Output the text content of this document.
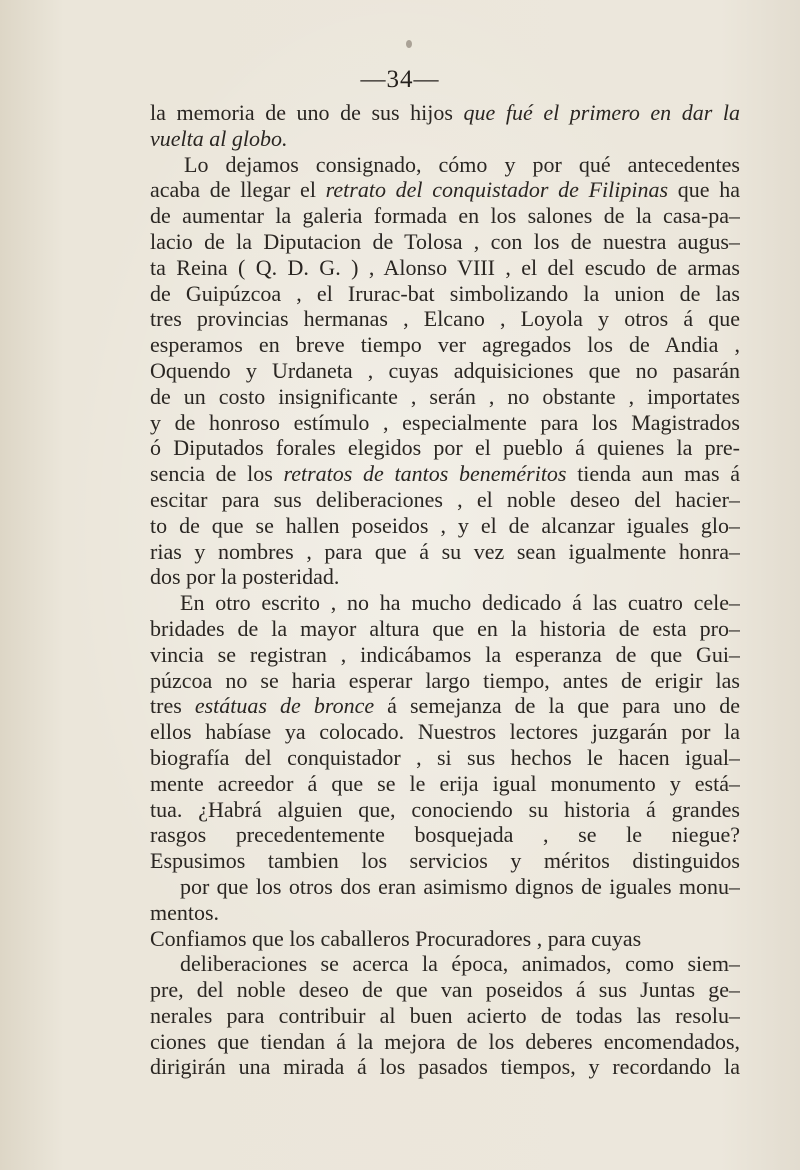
—34—
la memoria de uno de sus hijos que fué el primero en dar la
vuelta al globo.
Lo dejamos consignado, cómo y por qué antecedentes
acaba de llegar el retrato del conquistador de Filipinas que ha
de aumentar la galeria formada en los salones de la casa-pa–
lacio de la Diputacion de Tolosa , con los de nuestra augus–
ta Reina ( Q. D. G. ) , Alonso VIII , el del escudo de armas
de Guipúzcoa , el Irurac-bat simbolizando la union de las
tres provincias hermanas , Elcano , Loyola y otros á que
esperamos en breve tiempo ver agregados los de Andia ,
Oquendo y Urdaneta , cuyas adquisiciones que no pasarán
de un costo insignificante , serán , no obstante , importates
y de honroso estímulo , especialmente para los Magistrados
ó Diputados forales elegidos por el pueblo á quienes la pre-
sencia de los retratos de tantos beneméritos tienda aun mas á
escitar para sus deliberaciones , el noble deseo del hacier–
to de que se hallen poseidos , y el de alcanzar iguales glo–
rias y nombres , para que á su vez sean igualmente honra–
dos por la posteridad.
En otro escrito , no ha mucho dedicado á las cuatro cele–
bridades de la mayor altura que en la historia de esta pro–
vincia se registran , indicábamos la esperanza de que Gui–
púzcoa no se haria esperar largo tiempo, antes de erigir las
tres estátuas de bronce á semejanza de la que para uno de
ellos habíase ya colocado. Nuestros lectores juzgarán por la
biografía del conquistador , si sus hechos le hacen igual–
mente acreedor á que se le erija igual monumento y está–
tua. ¿Habrá alguien que, conociendo su historia á grandes
rasgos precedentemente bosquejada , se le niegue?
Espusimos tambien los servicios y méritos distinguidos
por que los otros dos eran asimismo dignos de iguales monu–
mentos.
Confiamos que los caballeros Procuradores , para cuyas
deliberaciones se acerca la época, animados, como siem–
pre, del noble deseo de que van poseidos á sus Juntas ge–
nerales para contribuir al buen acierto de todas las resolu–
ciones que tiendan á la mejora de los deberes encomendados,
dirigirán una mirada á los pasados tiempos, y recordando la
